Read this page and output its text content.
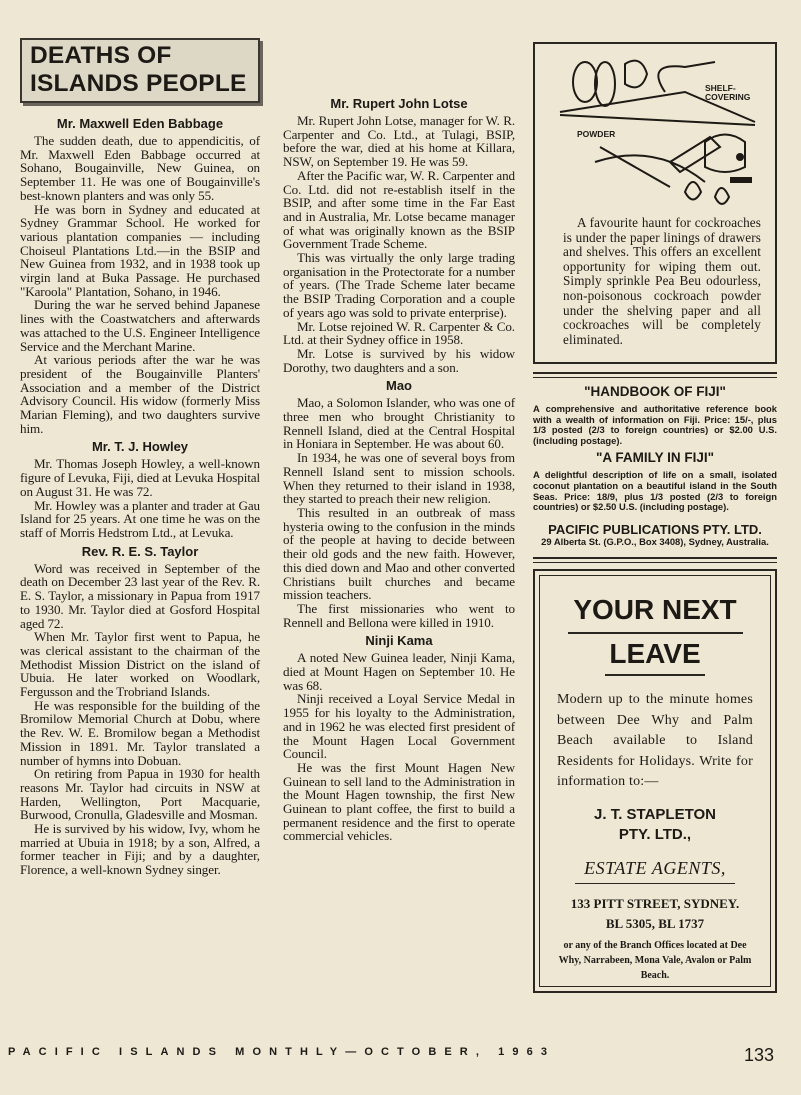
DEATHS OF ISLANDS PEOPLE
Mr. Maxwell Eden Babbage

The sudden death, due to appendicitis, of Mr. Maxwell Eden Babbage occurred at Sohano, Bougainville, New Guinea, on September 11. He was one of Bougainville's best-known planters and was only 55.

He was born in Sydney and educated at Sydney Grammar School. He worked for various plantation companies — including Choiseul Plantations Ltd.—in the BSIP and New Guinea from 1932, and in 1938 took up virgin land at Buka Passage. He purchased "Karoola" Plantation, Sohano, in 1946.

During the war he served behind Japanese lines with the Coastwatchers and afterwards was attached to the U.S. Engineer Intelligence Service and the Merchant Marine.

At various periods after the war he was president of the Bougainville Planters' Association and a member of the District Advisory Council. His widow (formerly Miss Marian Fleming), and two daughters survive him.

Mr. T. J. Howley

Mr. Thomas Joseph Howley, a well-known figure of Levuka, Fiji, died at Levuka Hospital on August 31. He was 72.

Mr. Howley was a planter and trader at Gau Island for 25 years. At one time he was on the staff of Morris Hedstrom Ltd., at Levuka.

Rev. R. E. S. Taylor

Word was received in September of the death on December 23 last year of the Rev. R. E. S. Taylor, a missionary in Papua from 1917 to 1930. Mr. Taylor died at Gosford Hospital aged 72.

When Mr. Taylor first went to Papua, he was clerical assistant to the chairman of the Methodist Mission District on the island of Ubuia. He later worked on Woodlark, Fergusson and the Trobriand Islands.

He was responsible for the building of the Bromilow Memorial Church at Dobu, where the Rev. W. E. Bromilow began a Methodist Mission in 1891. Mr. Taylor translated a number of hymns into Dobuan.

On retiring from Papua in 1930 for health reasons Mr. Taylor had circuits in NSW at Harden, Wellington, Port Macquarie, Burwood, Cronulla, Gladesville and Mosman.

He is survived by his widow, Ivy, whom he married at Ubuia in 1918; by a son, Alfred, a former teacher in Fiji; and by a daughter, Florence, a well-known Sydney singer.

Mr. Rupert John Lotse

Mr. Rupert John Lotse, manager for W. R. Carpenter and Co. Ltd., at Tulagi, BSIP, before the war, died at his home at Killara, NSW, on September 19. He was 59.

After the Pacific war, W. R. Carpenter and Co. Ltd. did not re-establish itself in the BSIP, and after some time in the Far East and in Australia, Mr. Lotse became manager of what was originally known as the BSIP Government Trade Scheme.

This was virtually the only large trading organisation in the Protectorate for a number of years. (The Trade Scheme later became the BSIP Trading Corporation and a couple of years ago was sold to private enterprise).

Mr. Lotse rejoined W. R. Carpenter & Co. Ltd. at their Sydney office in 1958.

Mr. Lotse is survived by his widow Dorothy, two daughters and a son.

Mao

Mao, a Solomon Islander, who was one of three men who brought Christianity to Rennell Island, died at the Central Hospital in Honiara in September. He was about 60.

In 1934, he was one of several boys from Rennell Island sent to mission schools. When they returned to their island in 1938, they started to preach their new religion.

This resulted in an outbreak of mass hysteria owing to the confusion in the minds of the people at having to decide between their old gods and the new faith. However, this died down and Mao and other converted Christians built churches and became mission teachers.

The first missionaries who went to Rennell and Bellona were killed in 1910.

Ninji Kama

A noted New Guinea leader, Ninji Kama, died at Mount Hagen on September 10. He was 68.

Ninji received a Loyal Service Medal in 1955 for his loyalty to the Administration, and in 1962 he was elected first president of the Mount Hagen Local Government Council.

He was the first Mount Hagen New Guinean to sell land to the Administration in the Mount Hagen township, the first New Guinean to plant coffee, the first to build a permanent residence and the first to operate commercial vehicles.

SHELF-
COVERING
POWDER

A favourite haunt for cockroaches is under the paper linings of drawers and shelves. This offers an excellent opportunity for wiping them out. Simply sprinkle Pea Beu odourless, non-poisonous cockroach powder under the shelving paper and all cockroaches will be completely eliminated.

"HANDBOOK OF FIJI"

A comprehensive and authoritative reference book with a wealth of information on Fiji. Price: 15/-, plus 1/3 posted (2/3 to foreign countries) or $2.00 U.S. (including postage).

"A FAMILY IN FIJI"

A delightful description of life on a small, isolated coconut plantation on a beautiful island in the South Seas. Price: 18/9, plus 1/3 posted (2/3 to foreign countries) or $2.50 U.S. (including postage).

PACIFIC PUBLICATIONS PTY. LTD.
29 Alberta St. (G.P.O., Box 3408), Sydney, Australia.
YOUR NEXT
LEAVE

Modern up to the minute homes between Dee Why and Palm Beach available to Island Residents for Holidays. Write for information to:—

J. T. STAPLETON
PTY. LTD.,
ESTATE AGENTS,
133 PITT STREET, SYDNEY.
BL 5305, BL 1737
or any of the Branch Offices located at Dee Why, Narrabeen, Mona Vale, Avalon or Palm Beach.
PACIFIC ISLANDS MONTHLY—OCTOBER, 1963	133
